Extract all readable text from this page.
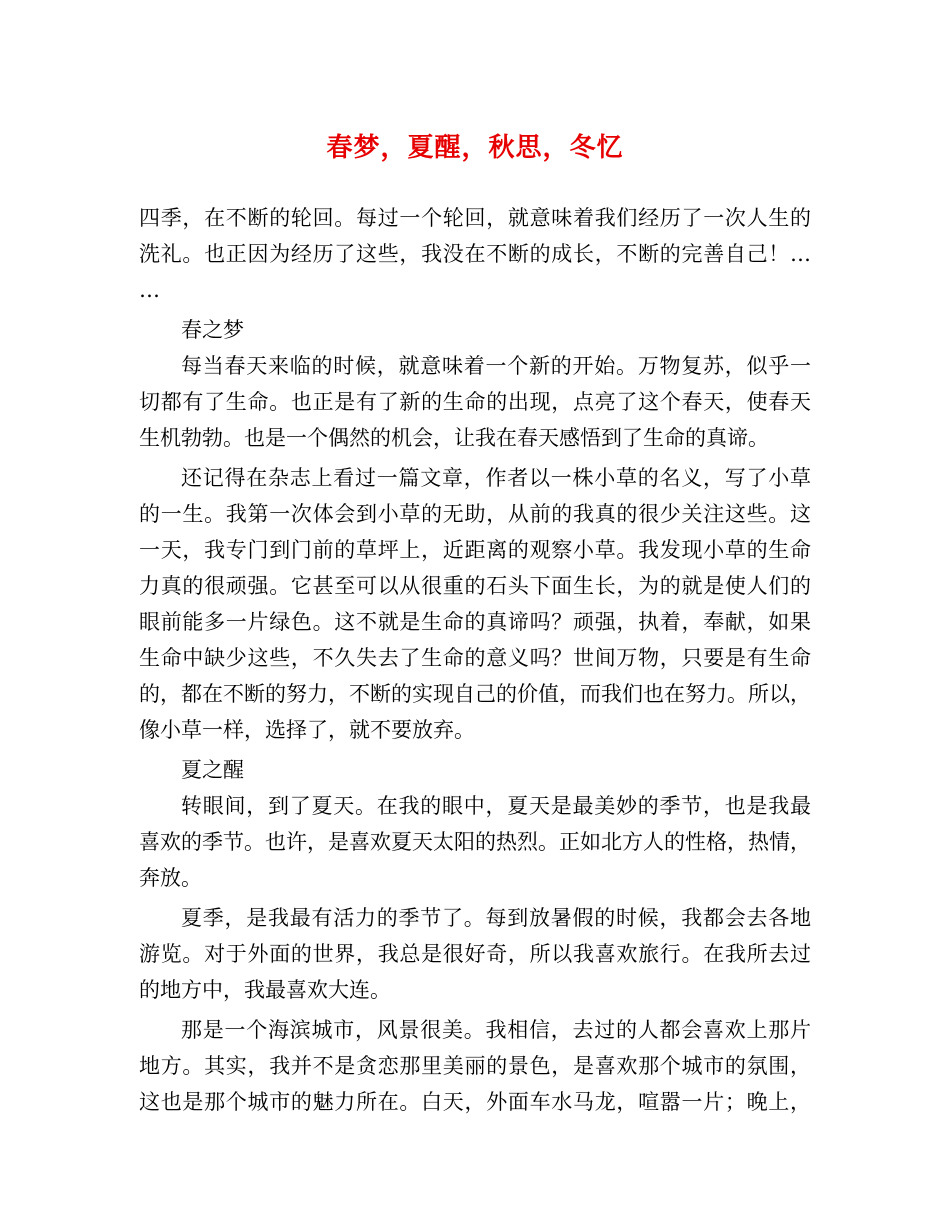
春梦，夏醒，秋思，冬忆
四季，在不断的轮回。每过一个轮回，就意味着我们经历了一次人生的
洗礼。也正因为经历了这些，我没在不断的成长，不断的完善自己！…
…
春之梦
每当春天来临的时候，就意味着一个新的开始。万物复苏，似乎一
切都有了生命。也正是有了新的生命的出现，点亮了这个春天，使春天
生机勃勃。也是一个偶然的机会，让我在春天感悟到了生命的真谛。
还记得在杂志上看过一篇文章，作者以一株小草的名义，写了小草
的一生。我第一次体会到小草的无助，从前的我真的很少关注这些。这
一天，我专门到门前的草坪上，近距离的观察小草。我发现小草的生命
力真的很顽强。它甚至可以从很重的石头下面生长，为的就是使人们的
眼前能多一片绿色。这不就是生命的真谛吗？顽强，执着，奉献，如果
生命中缺少这些，不久失去了生命的意义吗？世间万物，只要是有生命
的，都在不断的努力，不断的实现自己的价值，而我们也在努力。所以，
像小草一样，选择了，就不要放弃。
夏之醒
转眼间，到了夏天。在我的眼中，夏天是最美妙的季节，也是我最
喜欢的季节。也许，是喜欢夏天太阳的热烈。正如北方人的性格，热情，
奔放。
夏季，是我最有活力的季节了。每到放暑假的时候，我都会去各地
游览。对于外面的世界，我总是很好奇，所以我喜欢旅行。在我所去过
的地方中，我最喜欢大连。
那是一个海滨城市，风景很美。我相信，去过的人都会喜欢上那片
地方。其实，我并不是贪恋那里美丽的景色，是喜欢那个城市的氛围，
这也是那个城市的魅力所在。白天，外面车水马龙，喧嚣一片；晚上，
